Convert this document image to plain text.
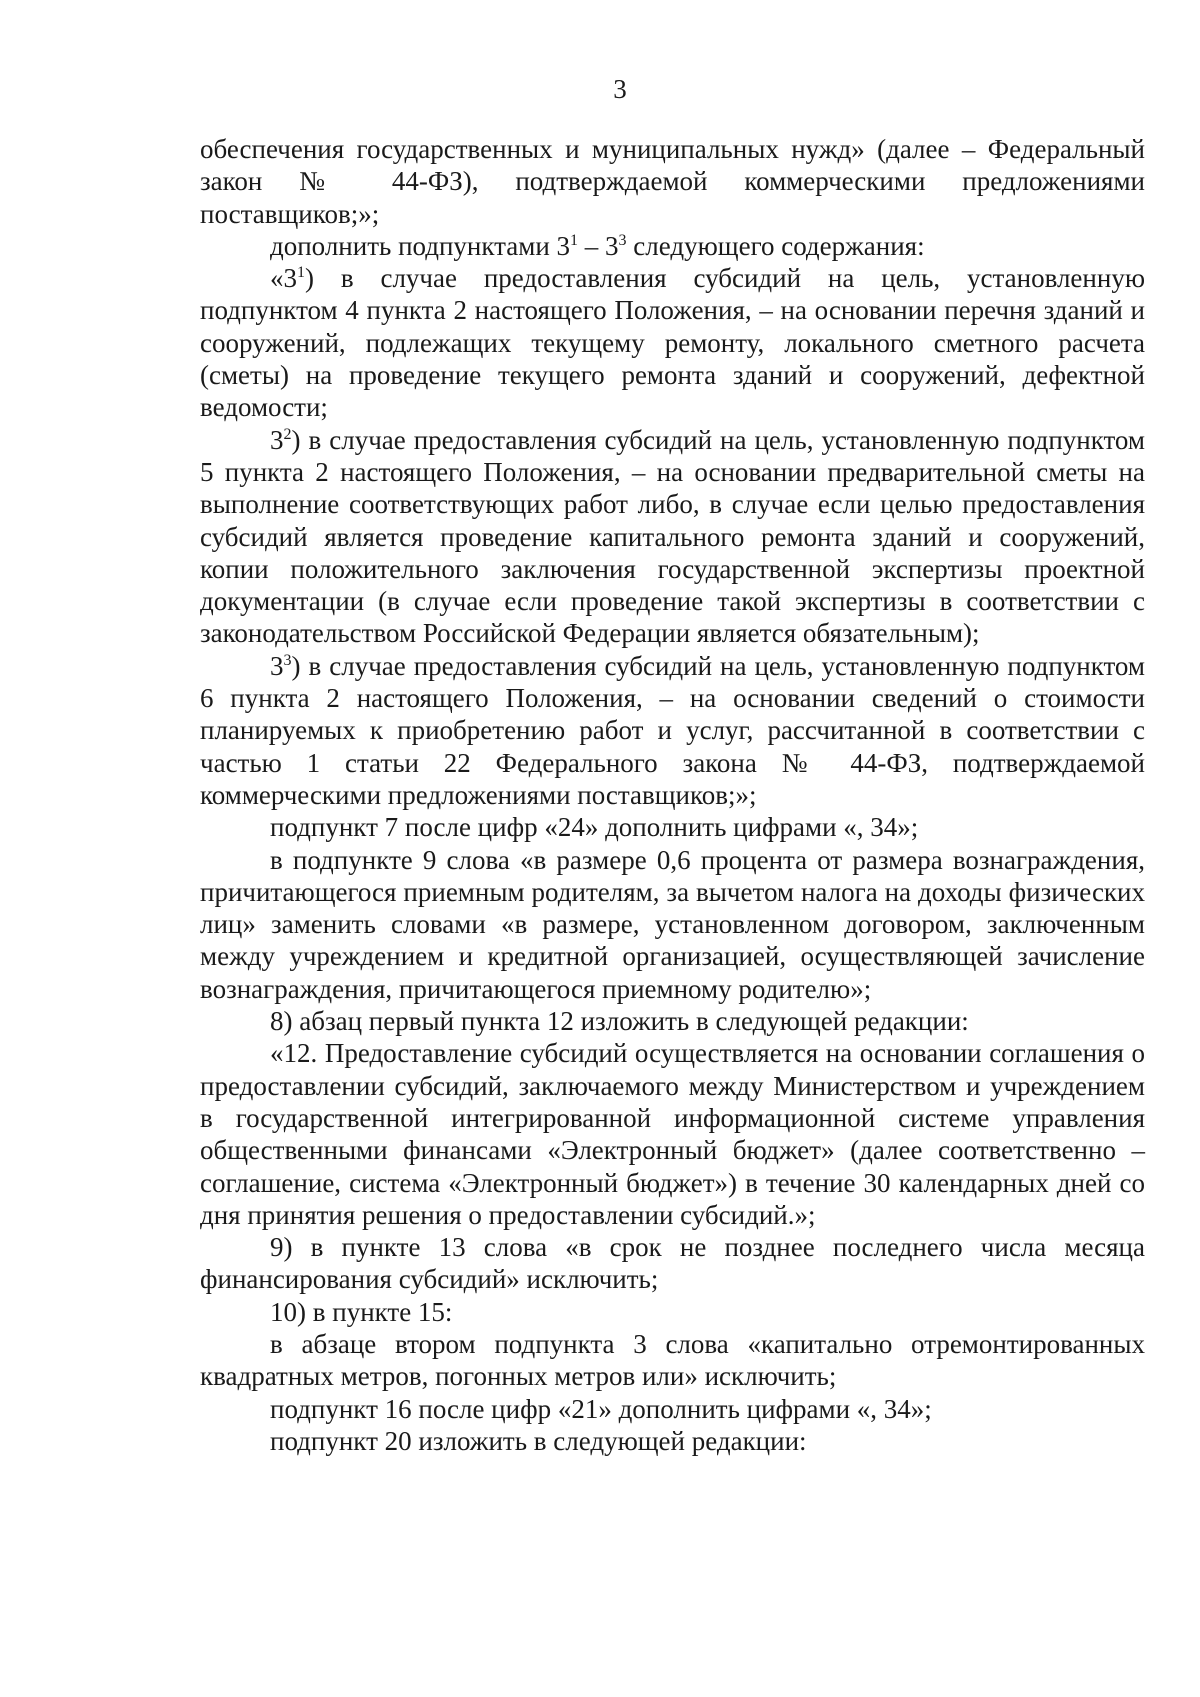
3

обеспечения государственных и муниципальных нужд» (далее – Федеральный закон № 44-ФЗ), подтверждаемой коммерческими предложениями поставщиков;»;

дополнить подпунктами $3^1 - 3^3$ следующего содержания:

«$3^1$) в случае предоставления субсидий на цель, установленную подпунктом 4 пункта 2 настоящего Положения, – на основании перечня зданий и сооружений, подлежащих текущему ремонту, локального сметного расчета (сметы) на проведение текущего ремонта зданий и сооружений, дефектной ведомости;

$3^2$) в случае предоставления субсидий на цель, установленную подпунктом 5 пункта 2 настоящего Положения, – на основании предварительной сметы на выполнение соответствующих работ либо, в случае если целью предоставления субсидий является проведение капитального ремонта зданий и сооружений, копии положительного заключения государственной экспертизы проектной документации (в случае если проведение такой экспертизы в соответствии с законодательством Российской Федерации является обязательным);

$3^3$) в случае предоставления субсидий на цель, установленную подпунктом 6 пункта 2 настоящего Положения, – на основании сведений о стоимости планируемых к приобретению работ и услуг, рассчитанной в соответствии с частью 1 статьи 22 Федерального закона № 44-ФЗ, подтверждаемой коммерческими предложениями поставщиков;»;

подпункт 7 после цифр «24» дополнить цифрами «, 34»;

в подпункте 9 слова «в размере 0,6 процента от размера вознаграждения, причитающегося приемным родителям, за вычетом налога на доходы физических лиц» заменить словами «в размере, установленном договором, заключенным между учреждением и кредитной организацией, осуществляющей зачисление вознаграждения, причитающегося приемному родителю»;

8) абзац первый пункта 12 изложить в следующей редакции:

«12. Предоставление субсидий осуществляется на основании соглашения о предоставлении субсидий, заключаемого между Министерством и учреждением в государственной интегрированной информационной системе управления общественными финансами «Электронный бюджет» (далее соответственно – соглашение, система «Электронный бюджет») в течение 30 календарных дней со дня принятия решения о предоставлении субсидий.»;

9) в пункте 13 слова «в срок не позднее последнего числа месяца финансирования субсидий» исключить;

10) в пункте 15:

в абзаце втором подпункта 3 слова «капитально отремонтированных квадратных метров, погонных метров или» исключить;

подпункт 16 после цифр «21» дополнить цифрами «, 34»;

подпункт 20 изложить в следующей редакции:
